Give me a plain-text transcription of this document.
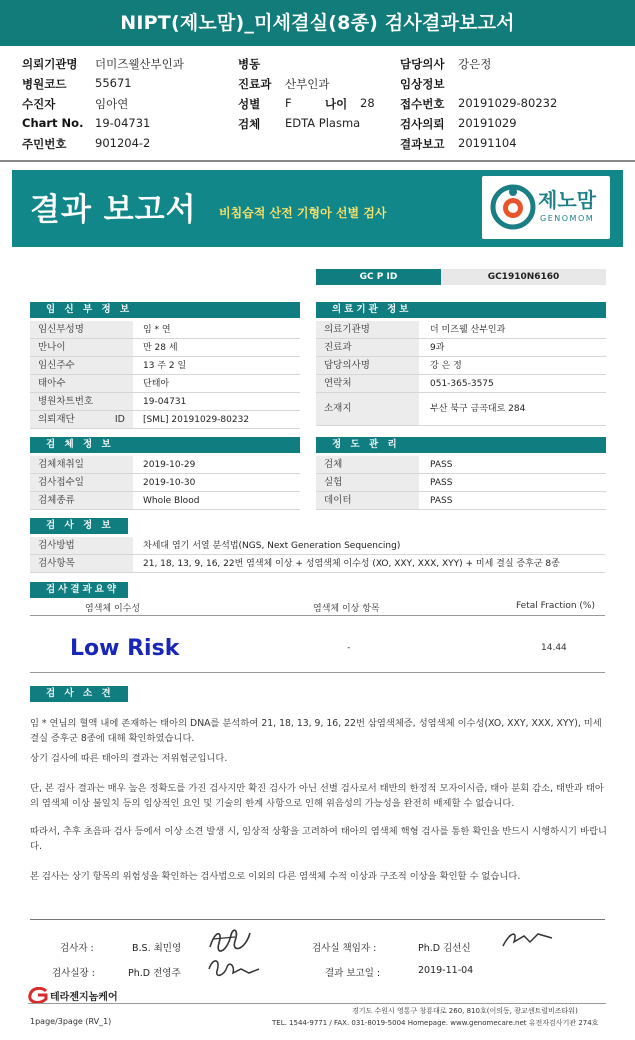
NIPT(제노맘)_미세결실(8종) 검사결과보고서
의뢰기관명 더미즈웰산부인과
병원코드 55671
수진자	임아연
Chart No. 19-04731
주민번호 901204-2
병동
진료과 산부인과
성별 F	나이 28
검체 EDTA Plasma
담당의사 강은정
임상정보
접수번호 20191029-80232
검사의뢰 20191029
결과보고 20191104
결과 보고서 비침습적 산전 기형아 선별 검사
제노맘
GENOMOM
GC P ID	GC1910N6160
임 신 부 정 보	의료기관 정보
임신부성명	임 * 연
만나이	만 28 세
임신주수	13 주 2 일
태아수	단태아
병원차트번호	19-04731
의뢰재단 ID	[SML] 20191029-80232
의료기관명	더 미즈웰 산부인과
진료과	9과
담당의사명	강 은 정
연락처	051-365-3575
소재지	부산 북구 금곡대로 284
검 체 정 보	정 도 관 리
검체채취일	2019-10-29
검사접수일	2019-10-30
검체종류	Whole Blood
검체	PASS
실험	PASS
데이터	PASS
검 사 정 보
검사방법	차세대 염기 서열 분석법(NGS, Next Generation Sequencing)
검사항목	21, 18, 13, 9, 16, 22번 염색체 이상 + 성염색체 이수성 (XO, XXY, XXX, XYY) + 미세 결실 증후군 8종
검사결과요약
염색체 이수성	염색체 이상 항목	Fetal Fraction (%)
Low Risk	-	14.44
검 사 소 견

임 * 연님의 혈액 내에 존재하는 태아의 DNA를 분석하여 21, 18, 13, 9, 16, 22번 삼염색체증, 성염색체 이수성(XO, XXY, XXX, XYY), 미세 결실 증후군 8종에 대해 확인하였습니다.

상기 검사에 따른 태아의 결과는 저위험군입니다.

단, 본 검사 결과는 매우 높은 정확도를 가진 검사지만 확진 검사가 아닌 선별 검사로서 태반의 한정적 모자이시즘, 태아 분회 감소, 태반과 태아의 염색체 이상 불일치 등의 임상적인 요인 및 기술의 한계 사항으로 인해 위음성의 가능성을 완전히 배제할 수 없습니다.

따라서, 추후 초음파 검사 등에서 이상 소견 발생 시, 임상적 상황을 고려하여 태아의 염색체 핵형 검사를 통한 확인을 반드시 시행하시기 바랍니다.

본 검사는 상기 항목의 위험성을 확인하는 검사법으로 이외의 다른 염색체 수적 이상과 구조적 이상을 확인할 수 없습니다.

검사자 :	B.S. 최민영
검사실장 :	Ph.D 전영주
검사실 책임자 :	Ph.D 김선신
결과 보고일 :	2019-11-04
테라젠지놈케어
경기도 수원시 영통구 창룡대로 260, 810호(이의동, 광교센트럴비즈타워)
TEL. 1544-9771 / FAX. 031-8019-5004 Homepage. www.genomecare.net 유전자검사기관 274호
1page/3page (RV_1)
